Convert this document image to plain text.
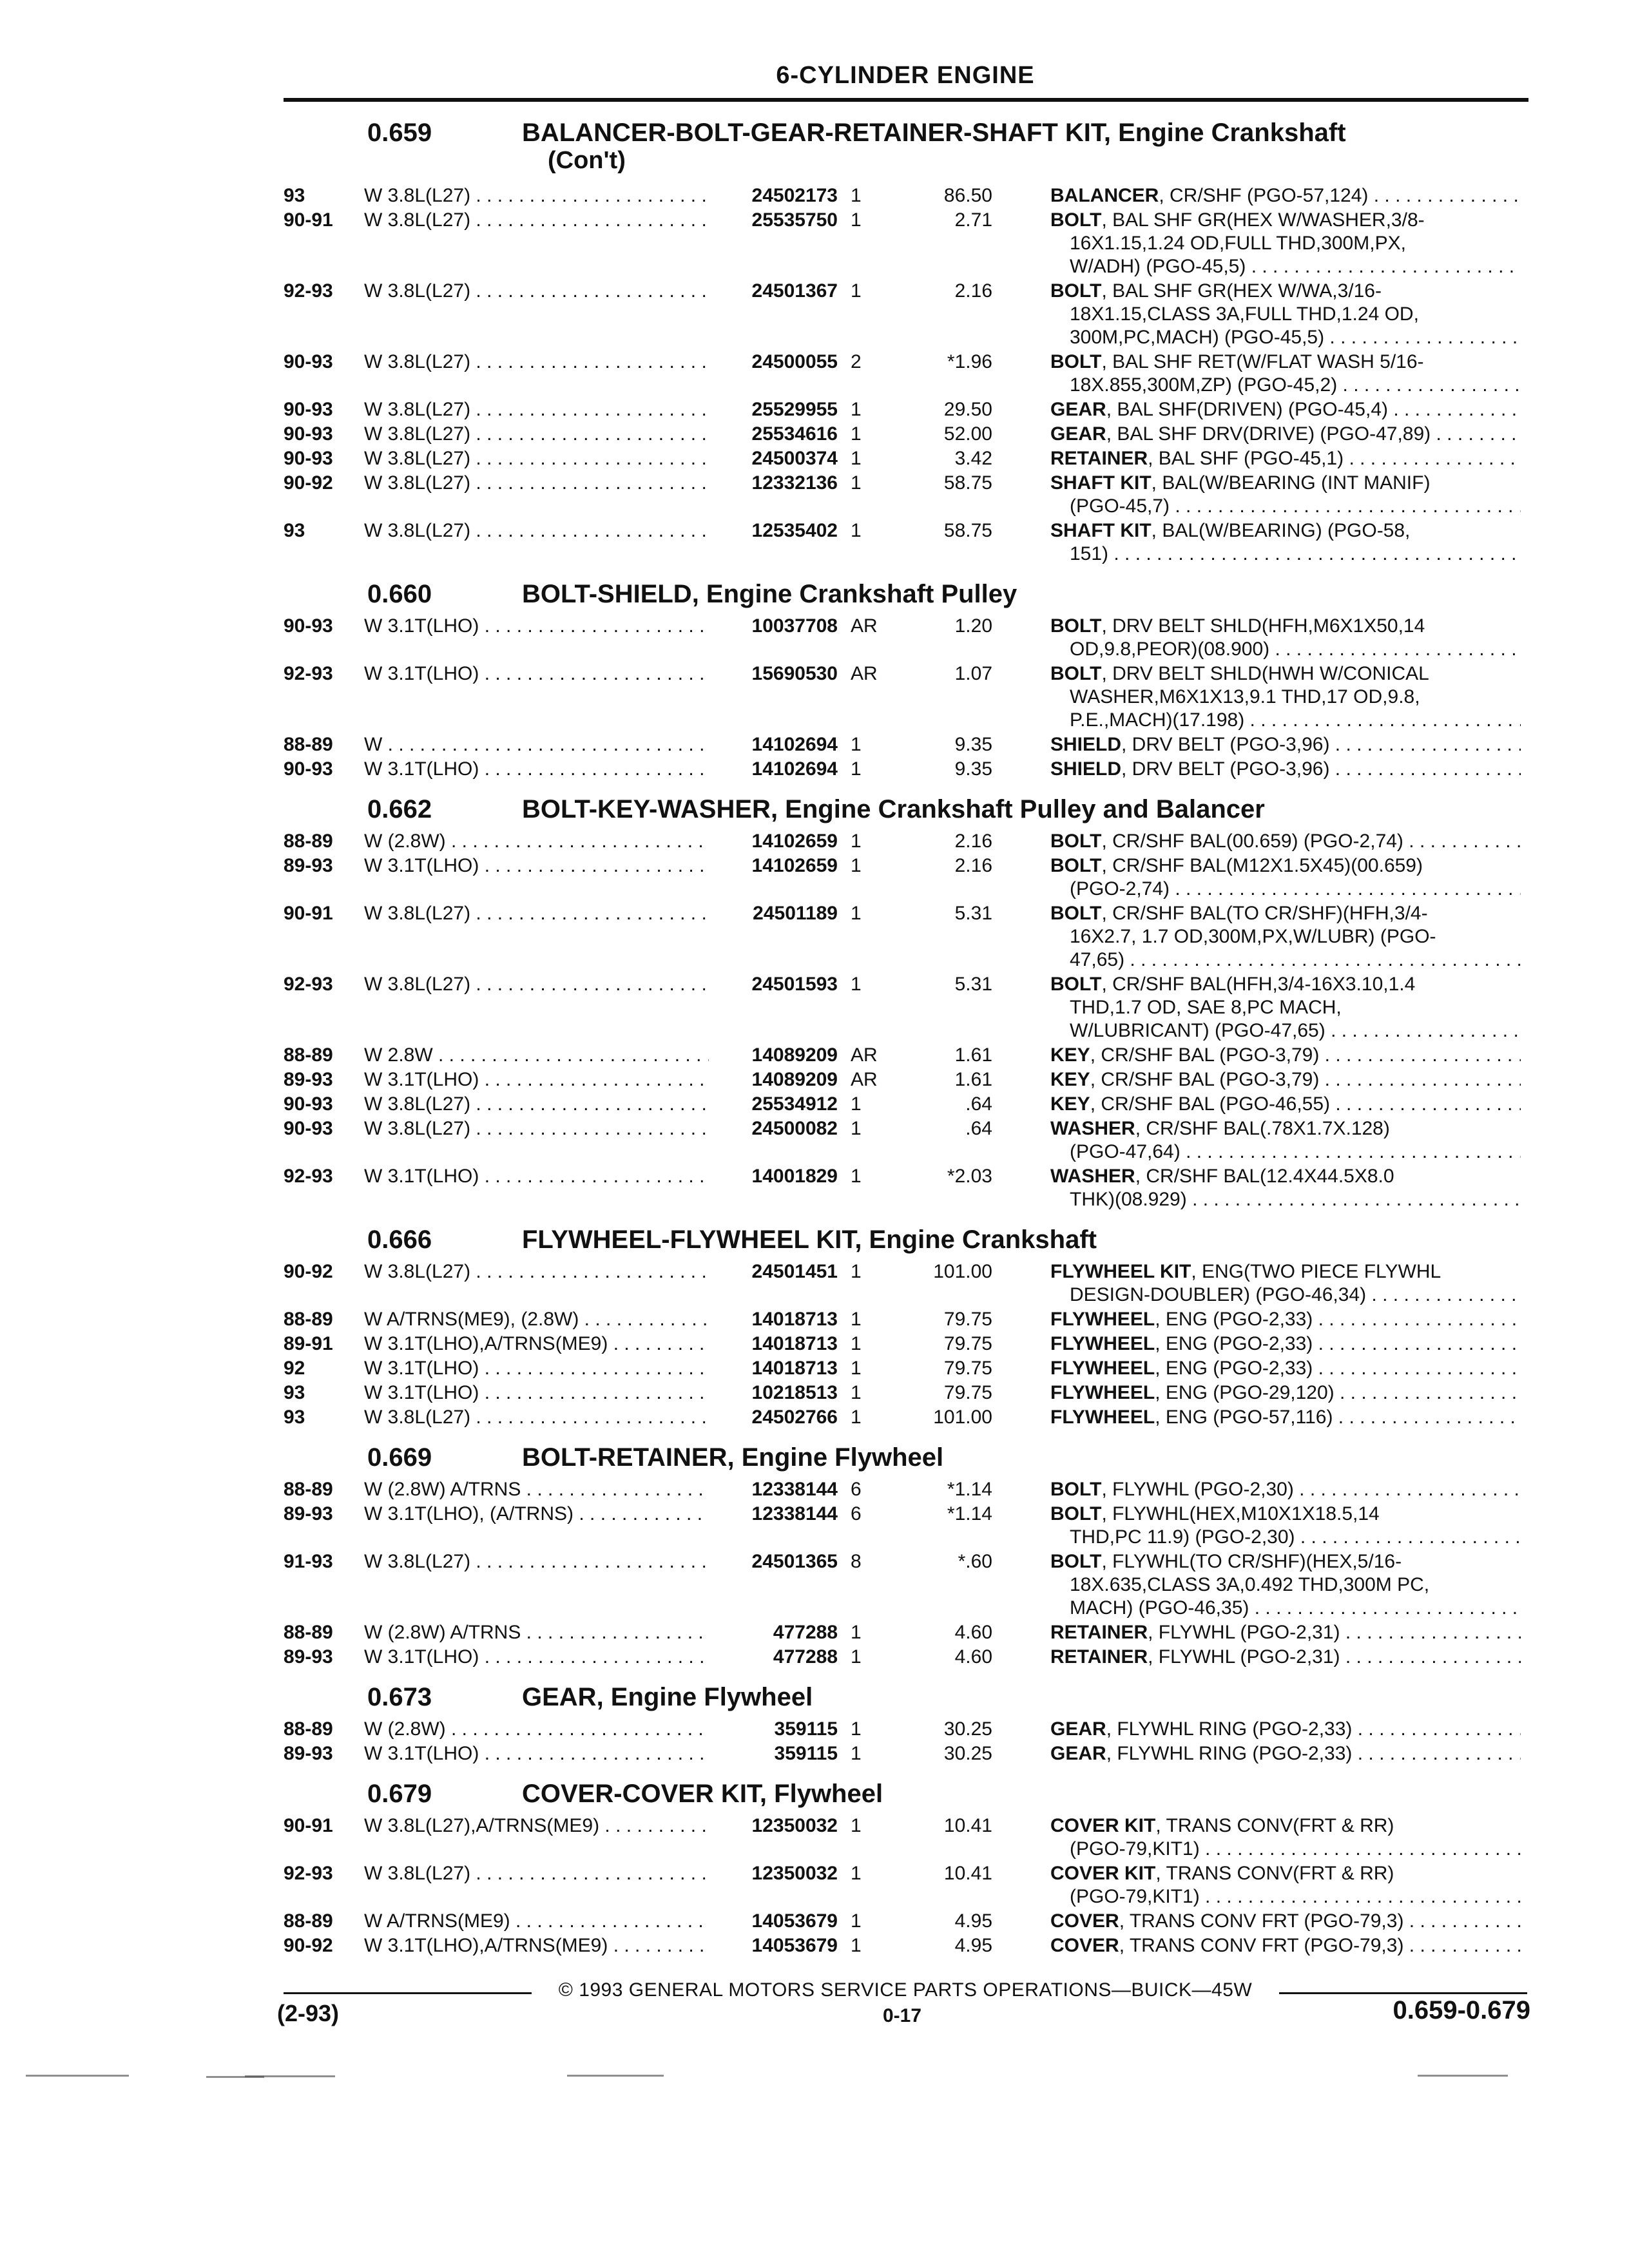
6-CYLINDER ENGINE
0.659	BALANCER-BOLT-GEAR-RETAINER-SHAFT KIT, Engine Crankshaft
(Con't)
93	W 3.8L(L27) . . .	24502173 1	86.50	BALANCER, CR/SHF (PGO-57,124) . . .
90-91 W 3.8L(L27) . . .	25535750 1	2.71	BOLT, BAL SHF GR(HEX W/WASHER,3/8-
16X1.15,1.24 OD,FULL THD,300M,PX,
W/ADH) (PGO-45,5) . . .
92-93 W 3.8L(L27) . . .	24501367 1	2.16	BOLT, BAL SHF GR(HEX W/WA,3/16-
18X1.15,CLASS 3A,FULL THD,1.24 OD,
300M,PC,MACH) (PGO-45,5) . . .
90-93 W 3.8L(L27) . . .	24500055 2	*1.96	BOLT, BAL SHF RET(W/FLAT WASH 5/16-
18X.855,300M,ZP) (PGO-45,2) . . .
90-93 W 3.8L(L27) . . .	25529955 1	29.50	GEAR, BAL SHF(DRIVEN) (PGO-45,4) . . .
90-93 W 3.8L(L27) . . .	25534616 1	52.00	GEAR, BAL SHF DRV(DRIVE) (PGO-47,89) . . .
90-93 W 3.8L(L27) . . .	24500374 1	3.42	RETAINER, BAL SHF (PGO-45,1) . . .
90-92 W 3.8L(L27) . . .	12332136 1	58.75	SHAFT KIT, BAL(W/BEARING (INT MANIF)
(PGO-45,7) . . .
93	W 3.8L(L27) . . .	12535402 1	58.75	SHAFT KIT, BAL(W/BEARING) (PGO-58,
151) . . .
0.660	BOLT-SHIELD, Engine Crankshaft Pulley
90-93 W 3.1T(LHO) . . .	10037708 AR	1.20	BOLT, DRV BELT SHLD(HFH,M6X1X50,14
OD,9.8,PEOR)(08.900) . . .
92-93 W 3.1T(LHO) . . .	15690530 AR	1.07	BOLT, DRV BELT SHLD(HWH W/CONICAL
WASHER,M6X1X13,9.1 THD,17 OD,9.8,
P.E.,MACH)(17.198) . . .
88-89 W . . .	14102694 1	9.35	SHIELD, DRV BELT (PGO-3,96) . . .
90-93 W 3.1T(LHO) . . .	14102694 1	9.35	SHIELD, DRV BELT (PGO-3,96) . . .
0.662	BOLT-KEY-WASHER, Engine Crankshaft Pulley and Balancer
88-89 W (2.8W) . . .	14102659 1	2.16	BOLT, CR/SHF BAL(00.659) (PGO-2,74) . . .
89-93 W 3.1T(LHO) . . .	14102659 1	2.16	BOLT, CR/SHF BAL(M12X1.5X45)(00.659)
(PGO-2,74) . . .
90-91 W 3.8L(L27) . . .	24501189 1	5.31	BOLT, CR/SHF BAL(TO CR/SHF)(HFH,3/4-
16X2.7, 1.7 OD,300M,PX,W/LUBR) (PGO-
47,65) . . .
92-93 W 3.8L(L27) . . .	24501593 1	5.31	BOLT, CR/SHF BAL(HFH,3/4-16X3.10,1.4
THD,1.7 OD, SAE 8,PC MACH,
W/LUBRICANT) (PGO-47,65) . . .
88-89 W 2.8W . . .	14089209 AR	1.61	KEY, CR/SHF BAL (PGO-3,79) . . .
89-93 W 3.1T(LHO) . . .	14089209 AR	1.61	KEY, CR/SHF BAL (PGO-3,79) . . .
90-93 W 3.8L(L27) . . .	25534912 1	.64	KEY, CR/SHF BAL (PGO-46,55) . . .
90-93 W 3.8L(L27) . . .	24500082 1	.64	WASHER, CR/SHF BAL(.78X1.7X.128)
(PGO-47,64) . . .
92-93 W 3.1T(LHO) . . .	14001829 1	*2.03	WASHER, CR/SHF BAL(12.4X44.5X8.0
THK)(08.929) . . .
0.666	FLYWHEEL-FLYWHEEL KIT, Engine Crankshaft
90-92 W 3.8L(L27) . . .	24501451 1	101.00	FLYWHEEL KIT, ENG(TWO PIECE FLYWHL
DESIGN-DOUBLER) (PGO-46,34) . . .
88-89 W A/TRNS(ME9), (2.8W) . . .	14018713 1	79.75	FLYWHEEL, ENG (PGO-2,33) . . .
89-91 W 3.1T(LHO),A/TRNS(ME9) . . .	14018713 1	79.75	FLYWHEEL, ENG (PGO-2,33) . . .
92	W 3.1T(LHO) . . .	14018713 1	79.75	FLYWHEEL, ENG (PGO-2,33) . . .
93	W 3.1T(LHO) . . .	10218513 1	79.75	FLYWHEEL, ENG (PGO-29,120) . . .
93	W 3.8L(L27) . . .	24502766 1	101.00	FLYWHEEL, ENG (PGO-57,116) . . .
0.669	BOLT-RETAINER, Engine Flywheel
88-89 W (2.8W) A/TRNS . . .	12338144 6	*1.14	BOLT, FLYWHL (PGO-2,30) . . .
89-93 W 3.1T(LHO), (A/TRNS) . . .	12338144 6	*1.14	BOLT, FLYWHL(HEX,M10X1X18.5,14
THD,PC 11.9) (PGO-2,30) . . .
91-93 W 3.8L(L27) . . .	24501365 8	*.60	BOLT, FLYWHL(TO CR/SHF)(HEX,5/16-
18X.635,CLASS 3A,0.492 THD,300M PC,
MACH) (PGO-46,35) . . .
88-89 W (2.8W) A/TRNS . . .	477288 1	4.60	RETAINER, FLYWHL (PGO-2,31) . . .
89-93 W 3.1T(LHO) . . .	477288 1	4.60	RETAINER, FLYWHL (PGO-2,31) . . .
0.673	GEAR, Engine Flywheel
88-89 W (2.8W) . . .	359115 1	30.25	GEAR, FLYWHL RING (PGO-2,33) . . .
89-93 W 3.1T(LHO) . . .	359115 1	30.25	GEAR, FLYWHL RING (PGO-2,33) . . .
0.679	COVER-COVER KIT, Flywheel
90-91 W 3.8L(L27),A/TRNS(ME9) . . .	12350032 1	10.41	COVER KIT, TRANS CONV(FRT & RR)
(PGO-79,KIT1) . . .
92-93 W 3.8L(L27) . . .	12350032 1	10.41	COVER KIT, TRANS CONV(FRT & RR)
(PGO-79,KIT1) . . .
88-89 W A/TRNS(ME9) . . .	14053679 1	4.95	COVER, TRANS CONV FRT (PGO-79,3) . . .
90-92 W 3.1T(LHO),A/TRNS(ME9) . . .	14053679 1	4.95	COVER, TRANS CONV FRT (PGO-79,3) . . .
© 1993 GENERAL MOTORS SERVICE PARTS OPERATIONS—BUICK—45W
(2-93)	0-17	0.659-0.679
